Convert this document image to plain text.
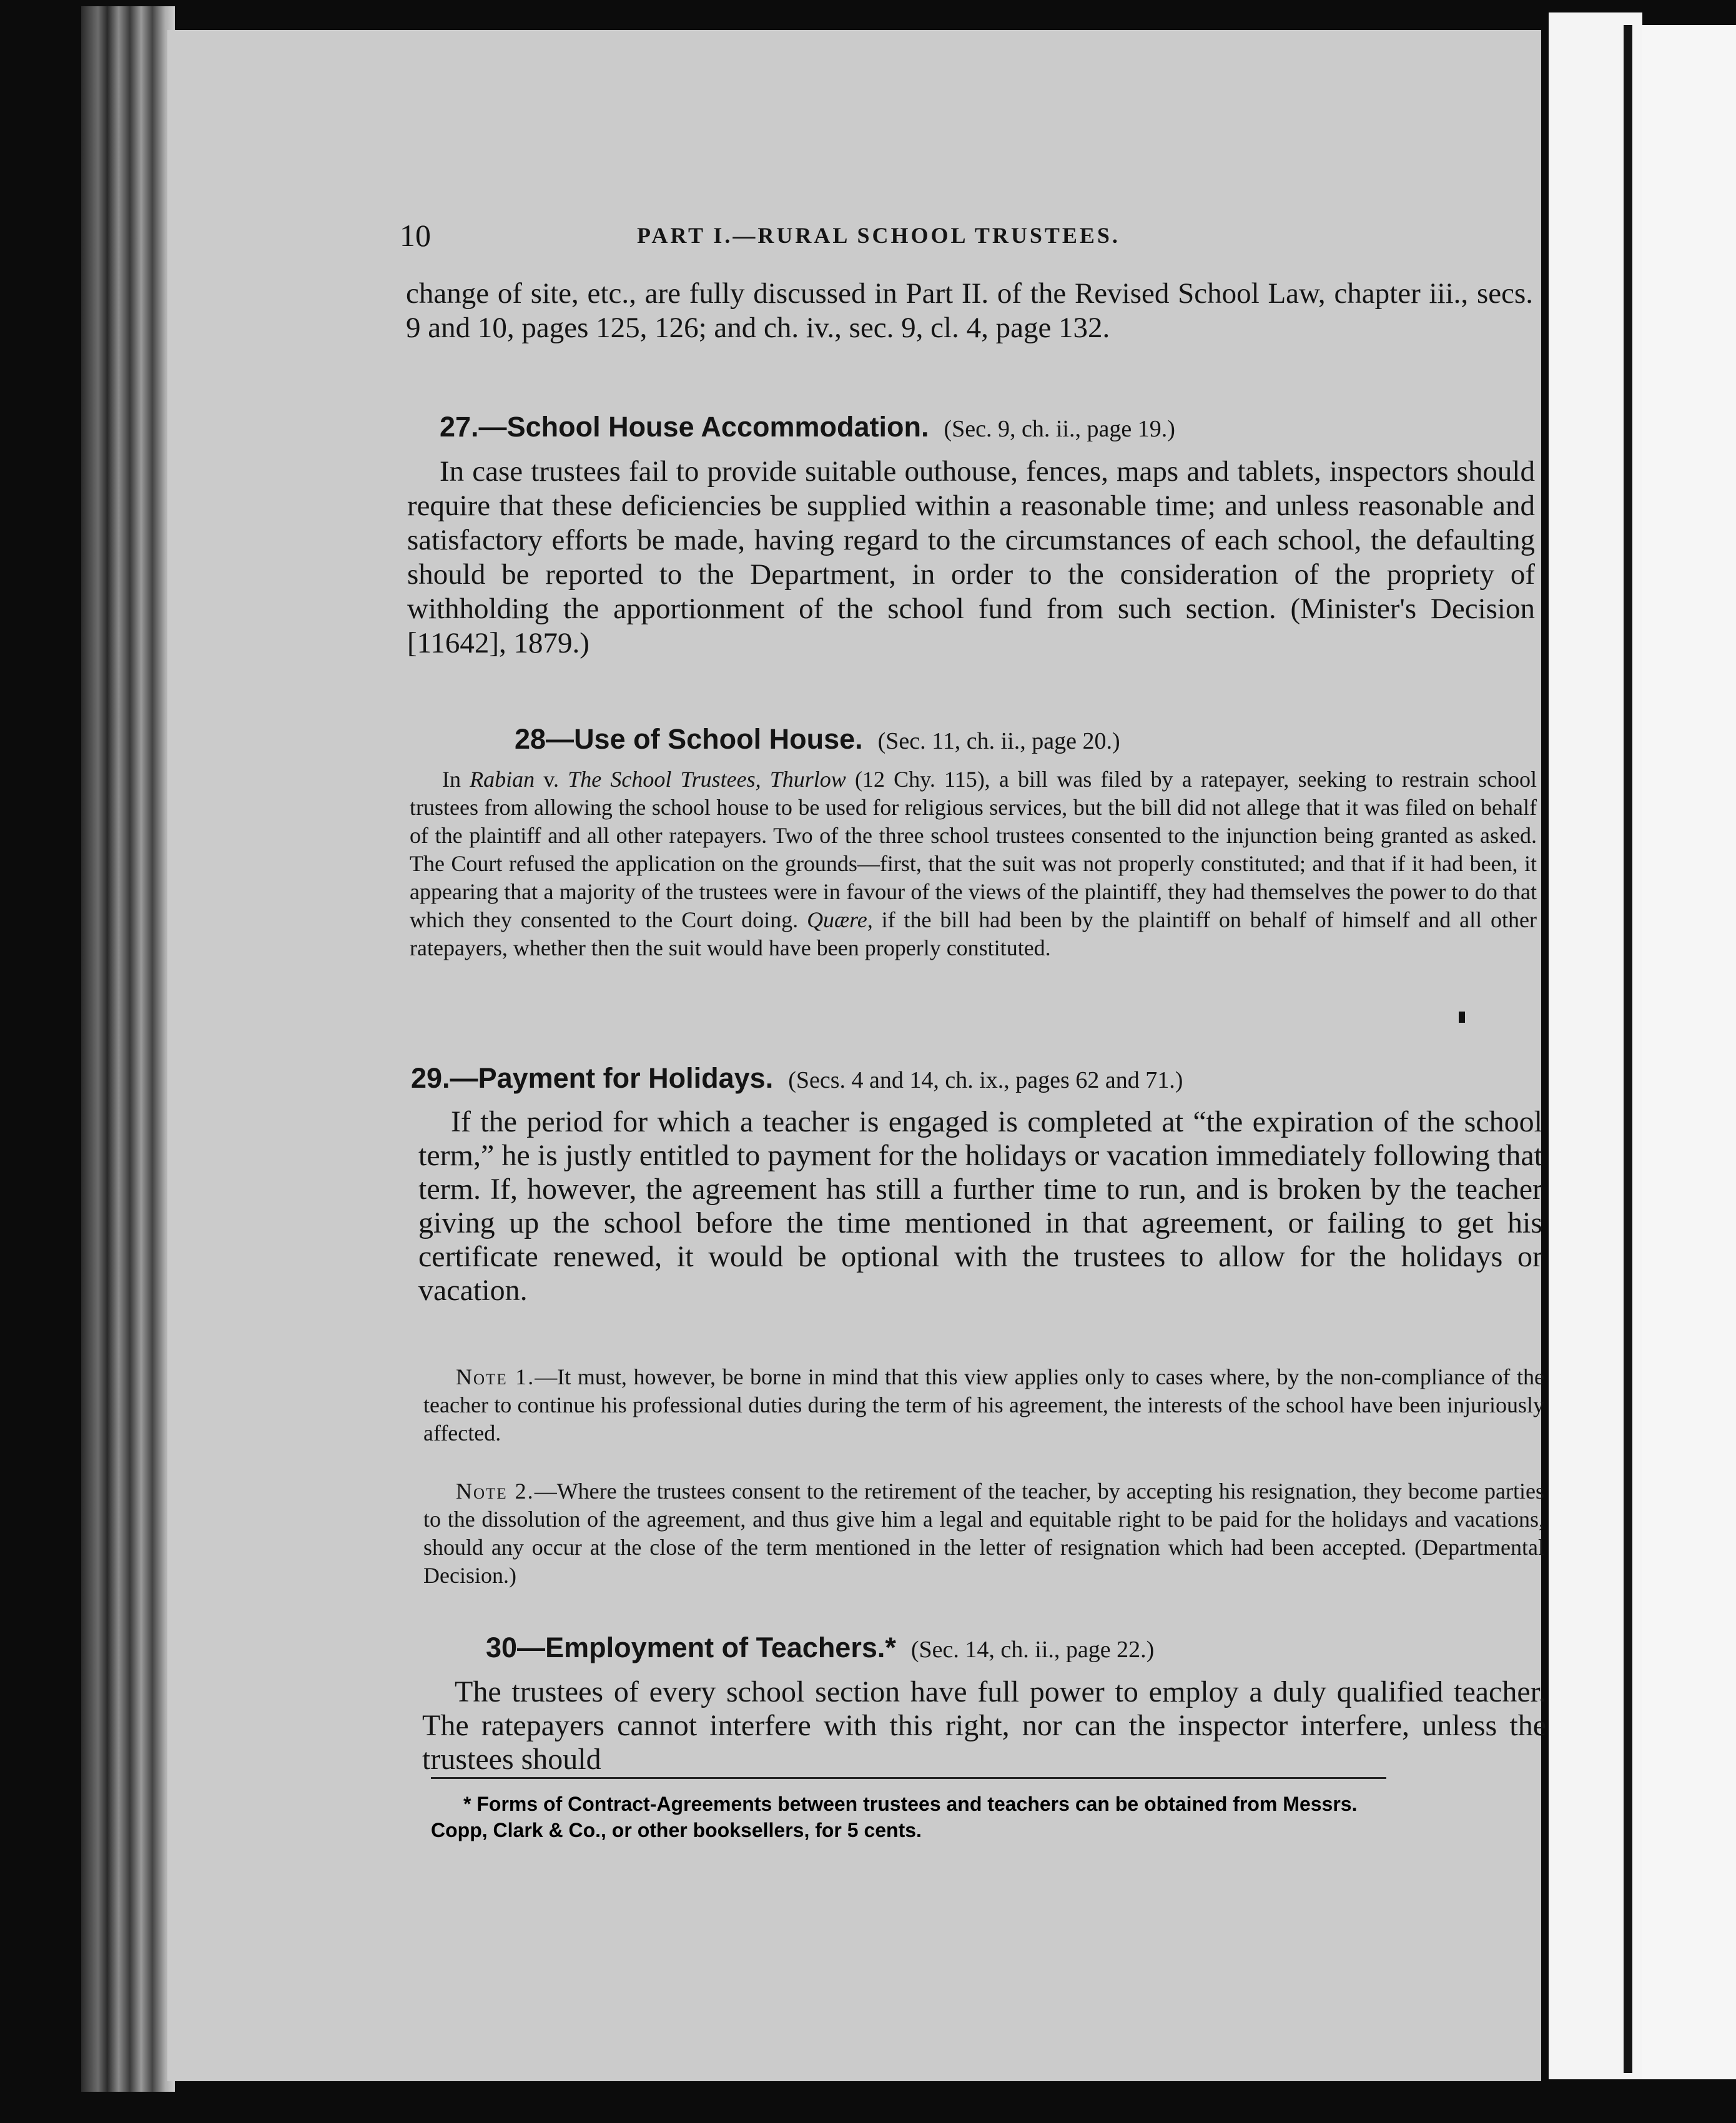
10	PART I.—RURAL SCHOOL TRUSTEES.

change of site, etc., are fully discussed in Part II. of the Revised School Law, chapter iii., secs. 9 and 10, pages 125, 126; and ch. iv., sec. 9, cl. 4, page 132.

27.—School House Accommodation. (Sec. 9, ch. ii., page 19.)

In case trustees fail to provide suitable outhouse, fences, maps and tablets, inspectors should require that these deficiencies be supplied within a reasonable time; and unless reasonable and satisfactory efforts be made, having regard to the circumstances of each school, the defaulting should be reported to the Department, in order to the consideration of the propriety of withholding the apportionment of the school fund from such section. (Minister's Decision [11642], 1879.)

28—Use of School House. (Sec. 11, ch. ii., page 20.)

In Rabian v. The School Trustees, Thurlow (12 Chy. 115), a bill was filed by a ratepayer, seeking to restrain school trustees from allowing the school house to be used for religious services, but the bill did not allege that it was filed on behalf of the plaintiff and all other ratepayers. Two of the three school trustees consented to the injunction being granted as asked. The Court refused the application on the grounds—first, that the suit was not properly constituted; and that if it had been, it appearing that a majority of the trustees were in favour of the views of the plaintiff, they had themselves the power to do that which they consented to the Court doing. Quære, if the bill had been by the plaintiff on behalf of himself and all other ratepayers, whether then the suit would have been properly constituted.

29.—Payment for Holidays. (Secs. 4 and 14, ch. ix., pages 62 and 71.)

If the period for which a teacher is engaged is completed at “the expiration of the school term,” he is justly entitled to payment for the holidays or vacation immediately following that term. If, however, the agreement has still a further time to run, and is broken by the teacher giving up the school before the time mentioned in that agreement, or failing to get his certificate renewed, it would be optional with the trustees to allow for the holidays or vacation.

Note 1.—It must, however, be borne in mind that this view applies only to cases where, by the non-compliance of the teacher to continue his professional duties during the term of his agreement, the interests of the school have been injuriously affected.

Note 2.—Where the trustees consent to the retirement of the teacher, by accepting his resignation, they become parties to the dissolution of the agreement, and thus give him a legal and equitable right to be paid for the holidays and vacations, should any occur at the close of the term mentioned in the letter of resignation which had been accepted. (Departmental Decision.)

30—Employment of Teachers.* (Sec. 14, ch. ii., page 22.)

The trustees of every school section have full power to employ a duly qualified teacher. The ratepayers cannot interfere with this right, nor can the inspector interfere, unless the trustees should

* Forms of Contract-Agreements between trustees and teachers can be obtained from Messrs. Copp, Clark & Co., or other booksellers, for 5 cents.
